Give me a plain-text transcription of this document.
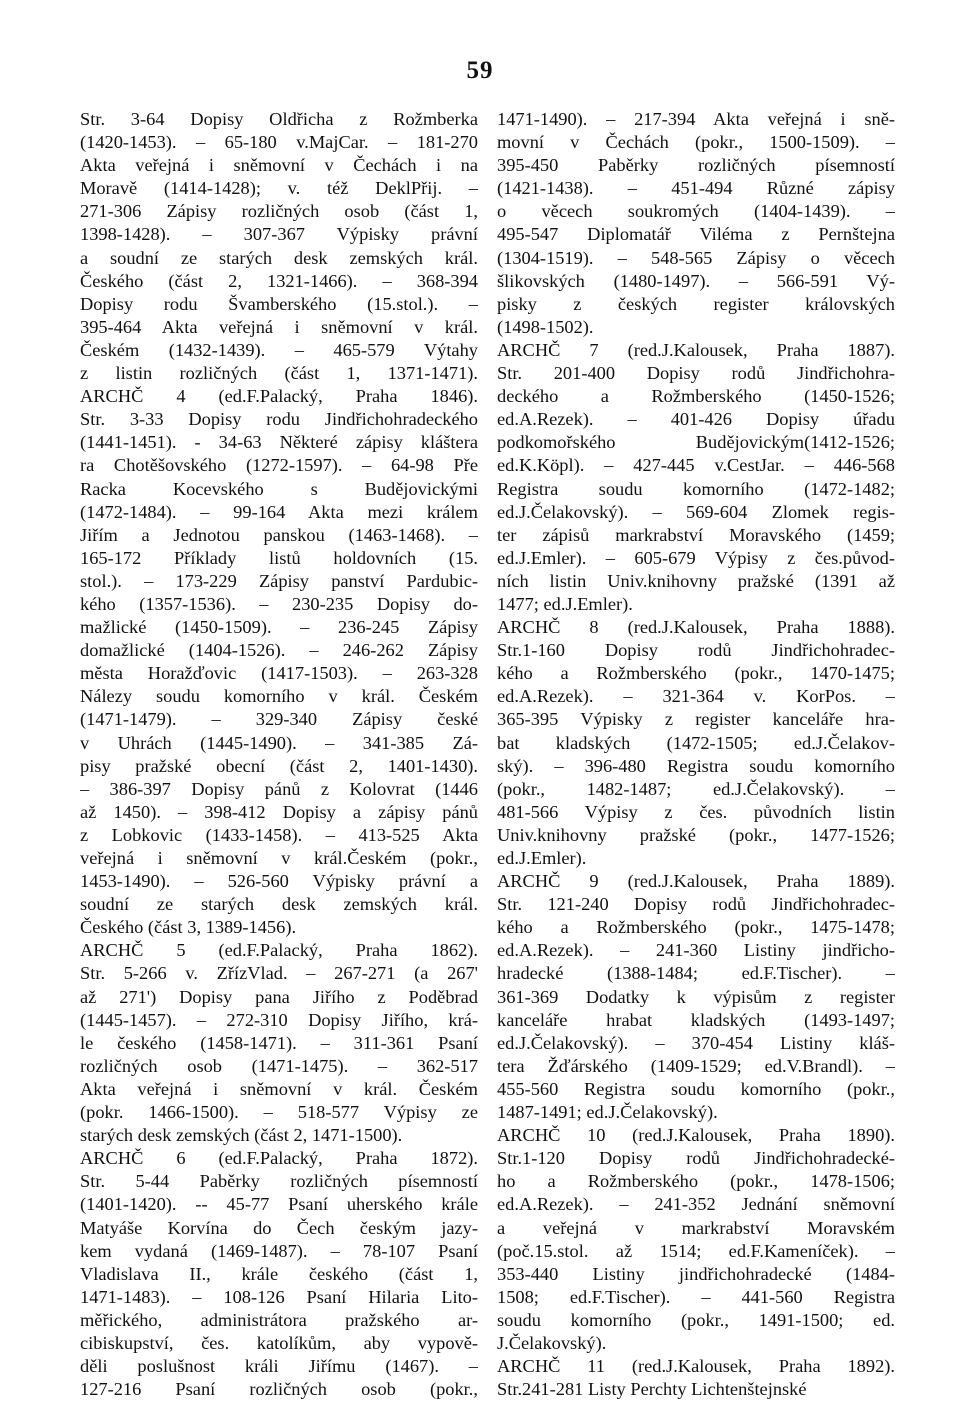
59
Str. 3-64 Dopisy Oldřicha z Rožmberka
(1420-1453). – 65-180 v.MajCar. – 181-270
Akta veřejná i sněmovní v Čechách i na
Moravě (1414-1428); v. též DeklPřij. –
271-306 Zápisy rozličných osob (část 1,
1398-1428). – 307-367 Výpisky právní
a soudní ze starých desk zemských král.
Českého (část 2, 1321-1466). – 368-394
Dopisy rodu Švamberského (15.stol.). –
395-464 Akta veřejná i sněmovní v král.
Českém (1432-1439). – 465-579 Výtahy
z listin rozličných (část 1, 1371-1471).
ARCHČ 4 (ed.F.Palacký, Praha 1846).
Str. 3-33 Dopisy rodu Jindřichohradeckého
(1441-1451). - 34-63 Některé zápisy kláštera
ra Chotěšovského (1272-1597). – 64-98 Pře
Racka Kocevského s Budějovickými
(1472-1484). – 99-164 Akta mezi králem
Jiřím a Jednotou panskou (1463-1468). –
165-172 Příklady listů holdovních (15.
stol.). – 173-229 Zápisy panství Pardubic-
kého (1357-1536). – 230-235 Dopisy do-
mažlické (1450-1509). – 236-245 Zápisy
domažlické (1404-1526). – 246-262 Zápisy
města Horažďovic (1417-1503). – 263-328
Nálezy soudu komorního v král. Českém
(1471-1479). – 329-340 Zápisy české
v Uhrách (1445-1490). – 341-385 Zá-
pisy pražské obecní (část 2, 1401-1430).
– 386-397 Dopisy pánů z Kolovrat (1446
až 1450). – 398-412 Dopisy a zápisy pánů
z Lobkovic (1433-1458). – 413-525 Akta
veřejná i sněmovní v král.Českém (pokr.,
1453-1490). – 526-560 Výpisky právní a
soudní ze starých desk zemských král.
Českého (část 3, 1389-1456).
ARCHČ 5 (ed.F.Palacký, Praha 1862).
Str. 5-266 v. ZřízVlad. – 267-271 (a 267'
až 271') Dopisy pana Jiřího z Poděbrad
(1445-1457). – 272-310 Dopisy Jiřího, krá-
le českého (1458-1471). – 311-361 Psaní
rozličných osob (1471-1475). – 362-517
Akta veřejná i sněmovní v král. Českém
(pokr. 1466-1500). – 518-577 Výpisy ze
starých desk zemských (část 2, 1471-1500).
ARCHČ 6 (ed.F.Palacký, Praha 1872).
Str. 5-44 Paběrky rozličných písemností
(1401-1420). -- 45-77 Psaní uherského krále
Matyáše Korvína do Čech českým jazy-
kem vydaná (1469-1487). – 78-107 Psaní
Vladislava II., krále českého (část 1,
1471-1483). – 108-126 Psaní Hilaria Lito-
měřického, administrátora pražského ar-
cibiskupství, čes. katolíkům, aby vypově-
děli poslušnost králi Jiřímu (1467). –
127-216 Psaní rozličných osob (pokr.,
1471-1490). – 217-394 Akta veřejná i sně-
movní v Čechách (pokr., 1500-1509). –
395-450 Paběrky rozličných písemností
(1421-1438). – 451-494 Různé zápisy
o věcech soukromých (1404-1439). –
495-547 Diplomatář Viléma z Pernštejna
(1304-1519). – 548-565 Zápisy o věcech
šlikovských (1480-1497). – 566-591 Vý-
pisky z českých register královských
(1498-1502).
ARCHČ 7 (red.J.Kalousek, Praha 1887).
Str. 201-400 Dopisy rodů Jindřichohra-
deckého a Rožmberského (1450-1526;
ed.A.Rezek). – 401-426 Dopisy úřadu
podkomořského Budějovickým(1412-1526;
ed.K.Köpl). – 427-445 v.CestJar. – 446-568
Registra soudu komorního (1472-1482;
ed.J.Čelakovský). – 569-604 Zlomek regis-
ter zápisů markrabství Moravského (1459;
ed.J.Emler). – 605-679 Výpisy z čes.původ-
ních listin Univ.knihovny pražské (1391 až
1477; ed.J.Emler).
ARCHČ 8 (red.J.Kalousek, Praha 1888).
Str.1-160 Dopisy rodů Jindřichohradec-
kého a Rožmberského (pokr., 1470-1475;
ed.A.Rezek). – 321-364 v. KorPos. –
365-395 Výpisky z register kanceláře hra-
bat kladských (1472-1505; ed.J.Čelakov-
ský). – 396-480 Registra soudu komorního
(pokr., 1482-1487; ed.J.Čelakovský). –
481-566 Výpisy z čes. původních listin
Univ.knihovny pražské (pokr., 1477-1526;
ed.J.Emler).
ARCHČ 9 (red.J.Kalousek, Praha 1889).
Str. 121-240 Dopisy rodů Jindřichohradec-
kého a Rožmberského (pokr., 1475-1478;
ed.A.Rezek). – 241-360 Listiny jindřicho-
hradecké (1388-1484; ed.F.Tischer). –
361-369 Dodatky k výpisům z register
kanceláře hrabat kladských (1493-1497;
ed.J.Čelakovský). – 370-454 Listiny kláš-
tera Žďárského (1409-1529; ed.V.Brandl). –
455-560 Registra soudu komorního (pokr.,
1487-1491; ed.J.Čelakovský).
ARCHČ 10 (red.J.Kalousek, Praha 1890).
Str.1-120 Dopisy rodů Jindřichohradecké-
ho a Rožmberského (pokr., 1478-1506;
ed.A.Rezek). – 241-352 Jednání sněmovní
a veřejná v markrabství Moravském
(poč.15.stol. až 1514; ed.F.Kameníček). –
353-440 Listiny jindřichohradecké (1484-
1508; ed.F.Tischer). – 441-560 Registra
soudu komorního (pokr., 1491-1500; ed.
J.Čelakovský).
ARCHČ 11 (red.J.Kalousek, Praha 1892).
Str.241-281 Listy Perchty Lichtenštejnské
